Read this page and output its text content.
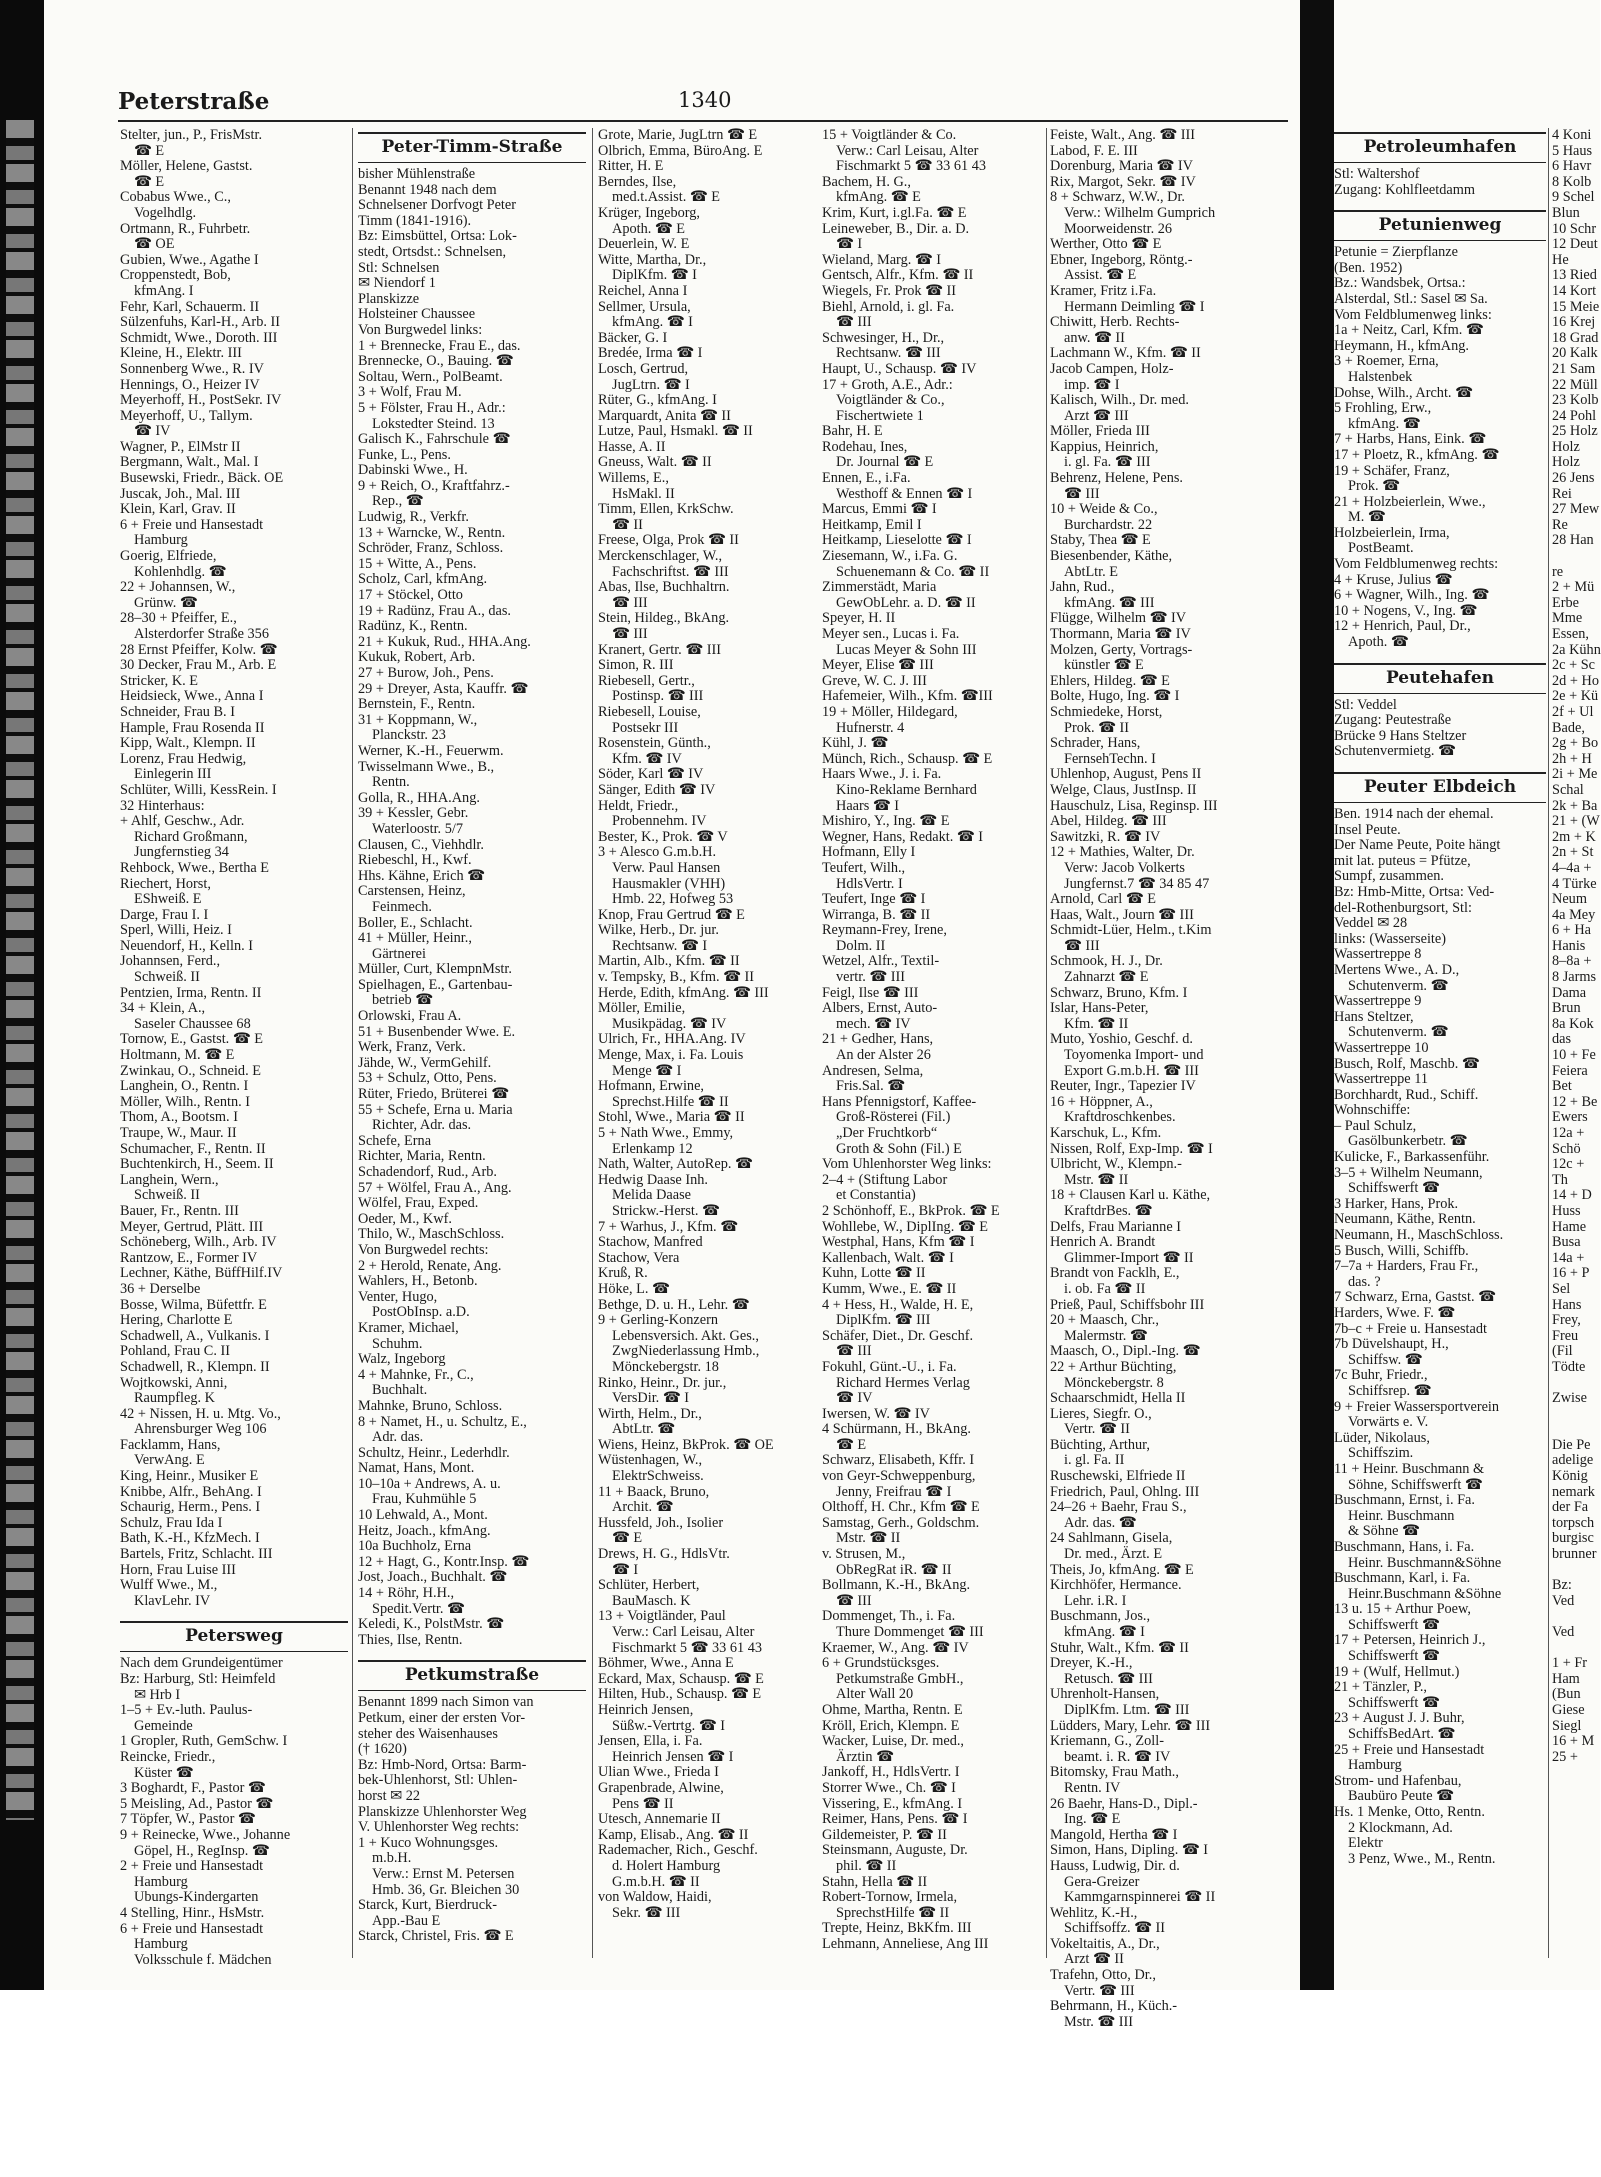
Peterstraße	1340
Stelter, jun., P., FrisMstr.
☎ E
Möller, Helene, Gastst.
☎ E
Cobabus Wwe., C.,
Vogelhdlg.
Ortmann, R., Fuhrbetr.
☎ OE
Gubien, Wwe., Agathe I
Croppenstedt, Bob,
kfmAng. I
Fehr, Karl, Schauerm. II
Sülzenfuhs, Karl-H., Arb. II
Schmidt, Wwe., Doroth. III
Kleine, H., Elektr. III
Sonnenberg Wwe., R. IV
Hennings, O., Heizer IV
Meyerhoff, H., PostSekr. IV
Meyerhoff, U., Tallym.
☎ IV
Wagner, P., ElMstr II
Bergmann, Walt., Mal. I
Busewski, Friedr., Bäck. OE
Juscak, Joh., Mal. III
Klein, Karl, Grav. II
6 + Freie und Hansestadt
Hamburg
Goerig, Elfriede,
Kohlenhdlg. ☎
22 + Johannsen, W.,
Grünw. ☎
28–30 + Pfeiffer, E.,
Alsterdorfer Straße 356
28 Ernst Pfeiffer, Kolw. ☎
30 Decker, Frau M., Arb. E
Stricker, K. E
Heidsieck, Wwe., Anna I
Schneider, Frau B. I
Hample, Frau Rosenda II
Kipp, Walt., Klempn. II
Lorenz, Frau Hedwig,
Einlegerin III
Schlüter, Willi, KessRein. I
32 Hinterhaus:
+ Ahlf, Geschw., Adr.
Richard Großmann,
Jungfernstieg 34
Rehbock, Wwe., Bertha E
Riechert, Horst,
EShweiß. E
Darge, Frau I. I
Sperl, Willi, Heiz. I
Neuendorf, H., Kelln. I
Johannsen, Ferd.,
Schweiß. II
Pentzien, Irma, Rentn. II
34 + Klein, A.,
Saseler Chaussee 68
Tornow, E., Gastst. ☎ E
Holtmann, M. ☎ E
Zwinkau, O., Schneid. E
Langhein, O., Rentn. I
Möller, Wilh., Rentn. I
Thom, A., Bootsm. I
Traupe, W., Maur. II
Schumacher, F., Rentn. II
Buchtenkirch, H., Seem. II
Langhein, Wern.,
Schweiß. II
Bauer, Fr., Rentn. III
Meyer, Gertrud, Plätt. III
Schöneberg, Wilh., Arb. IV
Rantzow, E., Former IV
Lechner, Käthe, BüffHilf.IV
36 + Derselbe
Bosse, Wilma, Büfettfr. E
Hering, Charlotte E
Schadwell, A., Vulkanis. I
Pohland, Frau C. II
Schadwell, R., Klempn. II
Wojtkowski, Anni,
Raumpfleg. K
42 + Nissen, H. u. Mtg. Vo.,
Ahrensburger Weg 106
Facklamm, Hans,
VerwAng. E
King, Heinr., Musiker E
Knibbe, Alfr., BehAng. I
Schaurig, Herm., Pens. I
Schulz, Frau Ida I
Bath, K.-H., KfzMech. I
Bartels, Fritz, Schlacht. III
Horn, Frau Luise III
Wulff Wwe., M.,
KlavLehr. IV
Petersweg
Nach dem Grundeigentümer
Bz: Harburg, Stl: Heimfeld
✉ Hrb I
1–5 + Ev.-luth. Paulus-
Gemeinde
1 Gropler, Ruth, GemSchw. I
Reincke, Friedr.,
Küster ☎
3 Boghardt, F., Pastor ☎
5 Meisling, Ad., Pastor ☎
7 Töpfer, W., Pastor ☎
9 + Reinecke, Wwe., Johanne
Göpel, H., RegInsp. ☎
2 + Freie und Hansestadt
Hamburg
Ubungs-Kindergarten
4 Stelling, Hinr., HsMstr.
6 + Freie und Hansestadt
Hamburg
Volksschule f. Mädchen
Peter-Timm-Straße
bisher Mühlenstraße
Benannt 1948 nach dem
Schnelsener Dorfvogt Peter
Timm (1841-1916).
Bz: Eimsbüttel, Ortsa: Lok-
stedt, Ortsdst.: Schnelsen,
Stl: Schnelsen
✉ Niendorf 1
Planskizze
Holsteiner Chaussee
Von Burgwedel links:
1 + Brennecke, Frau E., das.
Brennecke, O., Bauing. ☎
Soltau, Wern., PolBeamt.
3 + Wolf, Frau M.
5 + Fölster, Frau H., Adr.:
Lokstedter Steind. 13
Galisch K., Fahrschule ☎
Funke, L., Pens.
Dabinski Wwe., H.
9 + Reich, O., Kraftfahrz.-
Rep., ☎
Ludwig, R., Verkfr.
13 + Warncke, W., Rentn.
Schröder, Franz, Schloss.
15 + Witte, A., Pens.
Scholz, Carl, kfmAng.
17 + Stöckel, Otto
19 + Radünz, Frau A., das.
Radünz, K., Rentn.
21 + Kukuk, Rud., HHA.Ang.
Kukuk, Robert, Arb.
27 + Burow, Joh., Pens.
29 + Dreyer, Asta, Kauffr. ☎
Bernstein, F., Rentn.
31 + Koppmann, W.,
Planckstr. 23
Werner, K.-H., Feuerwm.
Twisselmann Wwe., B.,
Rentn.
Golla, R., HHA.Ang.
39 + Kessler, Gebr.
Waterloostr. 5/7
Clausen, C., Viehhdlr.
Riebeschl, H., Kwf.
Hhs. Kähne, Erich ☎
Carstensen, Heinz,
Feinmech.
Boller, E., Schlacht.
41 + Müller, Heinr.,
Gärtnerei
Müller, Curt, KlempnMstr.
Spielhagen, E., Gartenbau-
betrieb ☎
Orlowski, Frau A.
51 + Busenbender Wwe. E.
Werk, Franz, Verk.
Jähde, W., VermGehilf.
53 + Schulz, Otto, Pens.
Rüter, Friedo, Brüterei ☎
55 + Schefe, Erna u. Maria
Richter, Adr. das.
Schefe, Erna
Richter, Maria, Rentn.
Schadendorf, Rud., Arb.
57 + Wölfel, Frau A., Ang.
Wölfel, Frau, Exped.
Oeder, M., Kwf.
Thilo, W., MaschSchloss.
Von Burgwedel rechts:
2 + Herold, Renate, Ang.
Wahlers, H., Betonb.
Venter, Hugo,
PostObInsp. a.D.
Kramer, Michael,
Schuhm.
Walz, Ingeborg
4 + Mahnke, Fr., C.,
Buchhalt.
Mahnke, Bruno, Schloss.
8 + Namet, H., u. Schultz, E.,
Adr. das.
Schultz, Heinr., Lederhdlr.
Namat, Hans, Mont.
10–10a + Andrews, A. u.
Frau, Kuhmühle 5
10 Lehwald, A., Mont.
Heitz, Joach., kfmAng.
10a Buchholz, Erna
12 + Hagt, G., Kontr.Insp. ☎
Jost, Joach., Buchhalt. ☎
14 + Röhr, H.H.,
Spedit.Vertr. ☎
Keledi, K., PolstMstr. ☎
Thies, Ilse, Rentn.
Petkumstraße
Benannt 1899 nach Simon van
Petkum, einer der ersten Vor-
steher des Waisenhauses
(† 1620)
Bz: Hmb-Nord, Ortsa: Barm-
bek-Uhlenhorst, Stl: Uhlen-
horst ✉ 22
Planskizze Uhlenhorster Weg
V. Uhlenhorster Weg rechts:
1 + Kuco Wohnungsges.
m.b.H.
Verw.: Ernst M. Petersen
Hmb. 36, Gr. Bleichen 30
Starck, Kurt, Bierdruck-
App.-Bau E
Starck, Christel, Fris. ☎ E
Grote, Marie, JugLtrn ☎ E
Olbrich, Emma, BüroAng. E
Ritter, H. E
Berndes, Ilse,
med.t.Assist. ☎ E
Krüger, Ingeborg,
Apoth. ☎ E
Deuerlein, W. E
Witte, Martha, Dr.,
DiplKfm. ☎ I
Reichel, Anna I
Sellmer, Ursula,
kfmAng. ☎ I
Bäcker, G. I
Bredée, Irma ☎ I
Losch, Gertrud,
JugLtrn. ☎ I
Rüter, G., kfmAng. I
Marquardt, Anita ☎ II
Lutze, Paul, Hsmakl. ☎ II
Hasse, A. II
Gneuss, Walt. ☎ II
Willems, E.,
HsMakl. II
Timm, Ellen, KrkSchw.
☎ II
Freese, Olga, Prok ☎ II
Merckenschlager, W.,
Fachschriftst. ☎ III
Abas, Ilse, Buchhaltrn.
☎ III
Stein, Hildeg., BkAng.
☎ III
Kranert, Gertr. ☎ III
Simon, R. III
Riebesell, Gertr.,
Postinsp. ☎ III
Riebesell, Louise,
Postsekr III
Rosenstein, Günth.,
Kfm. ☎ IV
Söder, Karl ☎ IV
Sänger, Edith ☎ IV
Heldt, Friedr.,
Probennehm. IV
Bester, K., Prok. ☎ V
3 + Alesco G.m.b.H.
Verw. Paul Hansen
Hausmakler (VHH)
Hmb. 22, Hofweg 53
Knop, Frau Gertrud ☎ E
Wilke, Herb., Dr. jur.
Rechtsanw. ☎ I
Martin, Alb., Kfm. ☎ II
v. Tempsky, B., Kfm. ☎ II
Herde, Edith, kfmAng. ☎ III
Möller, Emilie,
Musikpädag. ☎ IV
Ulrich, Fr., HHA.Ang. IV
Menge, Max, i. Fa. Louis
Menge ☎ I
Hofmann, Erwine,
Sprechst.Hilfe ☎ II
Stohl, Wwe., Maria ☎ II
5 + Nath Wwe., Emmy,
Erlenkamp 12
Nath, Walter, AutoRep. ☎
Hedwig Daase Inh.
Melida Daase
Strickw.-Herst. ☎
7 + Warhus, J., Kfm. ☎
Stachow, Manfred
Stachow, Vera
Kruß, R.
Höke, L. ☎
Bethge, D. u. H., Lehr. ☎
9 + Gerling-Konzern
Lebensversich. Akt. Ges.,
ZwgNiederlassung Hmb.,
Mönckebergstr. 18
Rinko, Heinr., Dr. jur.,
VersDir. ☎ I
Wirth, Helm., Dr.,
AbtLtr. ☎
Wiens, Heinz, BkProk. ☎ OE
Wüstenhagen, W.,
ElektrSchweiss.
11 + Baack, Bruno,
Archit. ☎
Hussfeld, Joh., Isolier
☎ E
Drews, H. G., HdlsVtr.
☎ I
Schlüter, Herbert,
BauMasch. K
13 + Voigtländer, Paul
Verw.: Carl Leisau, Alter
Fischmarkt 5 ☎ 33 61 43
Böhmer, Wwe., Anna E
Eckard, Max, Schausp. ☎ E
Hilten, Hub., Schausp. ☎ E
Heinrich Jensen,
Süßw.-Vertrtg. ☎ I
Jensen, Ella, i. Fa.
Heinrich Jensen ☎ I
Ulian Wwe., Frieda I
Grapenbrade, Alwine,
Pens ☎ II
Utesch, Annemarie II
Kamp, Elisab., Ang. ☎ II
Rademacher, Rich., Geschf.
d. Holert Hamburg
G.m.b.H. ☎ II
von Waldow, Haidi,
Sekr. ☎ III
15 + Voigtländer & Co.
Verw.: Carl Leisau, Alter
Fischmarkt 5 ☎ 33 61 43
Bachem, H. G.,
kfmAng. ☎ E
Krim, Kurt, i.gl.Fa. ☎ E
Leineweber, B., Dir. a. D.
☎ I
Wieland, Marg. ☎ I
Gentsch, Alfr., Kfm. ☎ II
Wiegels, Fr. Prok ☎ II
Biehl, Arnold, i. gl. Fa.
☎ III
Schwesinger, H., Dr.,
Rechtsanw. ☎ III
Haupt, U., Schausp. ☎ IV
17 + Groth, A.E., Adr.:
Voigtländer & Co.,
Fischertwiete 1
Bahr, H. E
Rodehau, Ines,
Dr. Journal ☎ E
Ennen, E., i.Fa.
Westhoff & Ennen ☎ I
Marcus, Emmi ☎ I
Heitkamp, Emil I
Heitkamp, Lieselotte ☎ I
Ziesemann, W., i.Fa. G.
Schuenemann & Co. ☎ II
Zimmerstädt, Maria
GewObLehr. a. D. ☎ II
Speyer, H. II
Meyer sen., Lucas i. Fa.
Lucas Meyer & Sohn III
Meyer, Elise ☎ III
Greve, W. C. J. III
Hafemeier, Wilh., Kfm. ☎III
19 + Möller, Hildegard,
Hufnerstr. 4
Kühl, J. ☎
Münch, Rich., Schausp. ☎ E
Haars Wwe., J. i. Fa.
Kino-Reklame Bernhard
Haars ☎ I
Mishiro, Y., Ing. ☎ E
Wegner, Hans, Redakt. ☎ I
Hofmann, Elly I
Teufert, Wilh.,
HdlsVertr. I
Teufert, Inge ☎ I
Wirranga, B. ☎ II
Reymann-Frey, Irene,
Dolm. II
Wetzel, Alfr., Textil-
vertr. ☎ III
Feigl, Ilse ☎ III
Albers, Ernst, Auto-
mech. ☎ IV
21 + Gedher, Hans,
An der Alster 26
Andresen, Selma,
Fris.Sal. ☎
Hans Pfennigstorf, Kaffee-
Groß-Rösterei (Fil.)
„Der Fruchtkorb“
Groth & Sohn (Fil.) E
Vom Uhlenhorster Weg links:
2–4 + (Stiftung Labor
et Constantia)
2 Schönhoff, E., BkProk. ☎ E
Wohllebe, W., DiplIng. ☎ E
Westphal, Hans, Kfm ☎ I
Kallenbach, Walt. ☎ I
Kuhn, Lotte ☎ II
Kumm, Wwe., E. ☎ II
4 + Hess, H., Walde, H. E,
DiplKfm. ☎ III
Schäfer, Diet., Dr. Geschf.
☎ III
Fokuhl, Günt.-U., i. Fa.
Richard Hermes Verlag
☎ IV
Iwersen, W. ☎ IV
4 Schürmann, H., BkAng.
☎ E
Schwarz, Elisabeth, Kffr. I
von Geyr-Schweppenburg,
Jenny, Freifrau ☎ I
Olthoff, H. Chr., Kfm ☎ E
Samstag, Gerh., Goldschm.
Mstr. ☎ II
v. Strusen, M.,
ObRegRat iR. ☎ II
Bollmann, K.-H., BkAng.
☎ III
Dommenget, Th., i. Fa.
Thure Dommenget ☎ III
Kraemer, W., Ang. ☎ IV
6 + Grundstücksges.
Petkumstraße GmbH.,
Alter Wall 20
Ohme, Martha, Rentn. E
Kröll, Erich, Klempn. E
Wacker, Luise, Dr. med.,
Ärztin ☎
Jankoff, H., HdlsVertr. I
Storrer Wwe., Ch. ☎ I
Vissering, E., kfmAng. I
Reimer, Hans, Pens. ☎ I
Gildemeister, P. ☎ II
Steinsmann, Auguste, Dr.
phil. ☎ II
Stahn, Hella ☎ II
Robert-Tornow, Irmela,
SprechstHilfe ☎ II
Trepte, Heinz, BkKfm. III
Lehmann, Anneliese, Ang III
Feiste, Walt., Ang. ☎ III
Labod, F. E. III
Dorenburg, Maria ☎ IV
Rix, Margot, Sekr. ☎ IV
8 + Schwarz, W.W., Dr.
Verw.: Wilhelm Gumprich
Moorweidenstr. 26
Werther, Otto ☎ E
Ebner, Ingeborg, Röntg.-
Assist. ☎ E
Kramer, Fritz i.Fa.
Hermann Deimling ☎ I
Chiwitt, Herb. Rechts-
anw. ☎ II
Lachmann W., Kfm. ☎ II
Jacob Campen, Holz-
imp. ☎ I
Kalisch, Wilh., Dr. med.
Arzt ☎ III
Möller, Frieda III
Kappius, Heinrich,
i. gl. Fa. ☎ III
Behrenz, Helene, Pens.
☎ III
10 + Weide & Co.,
Burchardstr. 22
Staby, Thea ☎ E
Biesenbender, Käthe,
AbtLtr. E
Jahn, Rud.,
kfmAng. ☎ III
Flügge, Wilhelm ☎ IV
Thormann, Maria ☎ IV
Molzen, Gerty, Vortrags-
künstler ☎ E
Ehlers, Hildeg. ☎ E
Bolte, Hugo, Ing. ☎ I
Schmiedeke, Horst,
Prok. ☎ II
Schrader, Hans,
FernsehTechn. I
Uhlenhop, August, Pens II
Welge, Claus, JustInsp. II
Hauschulz, Lisa, Reginsp. III
Abel, Hildeg. ☎ III
Sawitzki, R. ☎ IV
12 + Mathies, Walter, Dr.
Verw: Jacob Volkerts
Jungfernst.7 ☎ 34 85 47
Arnold, Carl ☎ E
Haas, Walt., Journ ☎ III
Schmidt-Lüer, Helm., t.Kim
☎ III
Schmook, H. J., Dr.
Zahnarzt ☎ E
Schwarz, Bruno, Kfm. I
Islar, Hans-Peter,
Kfm. ☎ II
Muto, Yoshio, Geschf. d.
Toyomenka Import- und
Export G.m.b.H. ☎ III
Reuter, Ingr., Tapezier IV
16 + Höppner, A.,
Kraftdroschkenbes.
Karschuk, L., Kfm.
Nissen, Rolf, Exp-Imp. ☎ I
Ulbricht, W., Klempn.-
Mstr. ☎ II
18 + Clausen Karl u. Käthe,
KraftdrBes. ☎
Delfs, Frau Marianne I
Henrich A. Brandt
Glimmer-Import ☎ II
Brandt von Facklh, E.,
i. ob. Fa ☎ II
Prieß, Paul, Schiffsbohr III
20 + Maasch, Chr.,
Malermstr. ☎
Maasch, O., Dipl.-Ing. ☎
22 + Arthur Büchting,
Mönckebergstr. 8
Schaarschmidt, Hella II
Lieres, Siegfr. O.,
Vertr. ☎ II
Büchting, Arthur,
i. gl. Fa. II
Ruschewski, Elfriede II
Friedrich, Paul, Ohlng. III
24–26 + Baehr, Frau S.,
Adr. das. ☎
24 Sahlmann, Gisela,
Dr. med., Ärzt. E
Theis, Jo, kfmAng. ☎ E
Kirchhöfer, Hermance.
Lehr. i.R. I
Buschmann, Jos.,
kfmAng. ☎ I
Stuhr, Walt., Kfm. ☎ II
Dreyer, K.-H.,
Retusch. ☎ III
Uhrenholt-Hansen,
DiplKfm. Ltm. ☎ III
Lüdders, Mary, Lehr. ☎ III
Kriemann, G., Zoll-
beamt. i. R. ☎ IV
Bitomsky, Frau Math.,
Rentn. IV
26 Baehr, Hans-D., Dipl.-
Ing. ☎ E
Mangold, Hertha ☎ I
Simon, Hans, Dipling. ☎ I
Hauss, Ludwig, Dir. d.
Gera-Greizer
Kammgarnspinnerei ☎ II
Wehlitz, K.-H.,
Schiffsoffz. ☎ II
Vokeltaitis, A., Dr.,
Arzt ☎ II
Trafehn, Otto, Dr.,
Vertr. ☎ III
Behrmann, H., Küch.-
Mstr. ☎ III
Petroleumhafen
Stl: Waltershof
Zugang: Kohlfleetdamm
Petunienweg
Petunie = Zierpflanze
(Ben. 1952)
Bz.: Wandsbek, Ortsa.:
Alsterdal, Stl.: Sasel ✉ Sa.
Vom Feldblumenweg links:
1a + Neitz, Carl, Kfm. ☎
Heymann, H., kfmAng.
3 + Roemer, Erna,
Halstenbek
Dohse, Wilh., Archt. ☎
5 Frohling, Erw.,
kfmAng. ☎
7 + Harbs, Hans, Eink. ☎
17 + Ploetz, R., kfmAng. ☎
19 + Schäfer, Franz,
Prok. ☎
21 + Holzbeierlein, Wwe.,
M. ☎
Holzbeierlein, Irma,
PostBeamt.
Vom Feldblumenweg rechts:
4 + Kruse, Julius ☎
6 + Wagner, Wilh., Ing. ☎
10 + Nogens, V., Ing. ☎
12 + Henrich, Paul, Dr.,
Apoth. ☎
Peutehafen
Stl: Veddel
Zugang: Peutestraße
Brücke 9 Hans Steltzer
Schutenvermietg. ☎
Peuter Elbdeich
Ben. 1914 nach der ehemal.
Insel Peute.
Der Name Peute, Poite hängt
mit lat. puteus = Pfütze,
Sumpf, zusammen.
Bz: Hmb-Mitte, Ortsa: Ved-
del-Rothenburgsort, Stl:
Veddel ✉ 28
links: (Wasserseite)
Wassertreppe 8
Mertens Wwe., A. D.,
Schutenverm. ☎
Wassertreppe 9
Hans Steltzer,
Schutenverm. ☎
Wassertreppe 10
Busch, Rolf, Maschb. ☎
Wassertreppe 11
Borchhardt, Rud., Schiff.
Wohnschiffe:
– Paul Schulz,
Gasölbunkerbetr. ☎
Kulicke, F., Barkassenführ.
3–5 + Wilhelm Neumann,
Schiffswerft ☎
3 Harker, Hans, Prok.
Neumann, Käthe, Rentn.
Neumann, H., MaschSchloss.
5 Busch, Willi, Schiffb.
7–7a + Harders, Frau Fr.,
das. ?
7 Schwarz, Erna, Gastst. ☎
Harders, Wwe. F. ☎
7b–c + Freie u. Hansestadt
7b Düvelshaupt, H.,
Schiffsw. ☎
7c Buhr, Friedr.,
Schiffsrep. ☎
9 + Freier Wassersportverein
Vorwärts e. V.
Lüder, Nikolaus,
Schiffszim.
11 + Heinr. Buschmann &
Söhne, Schiffswerft ☎
Buschmann, Ernst, i. Fa.
Heinr. Buschmann
& Söhne ☎
Buschmann, Hans, i. Fa.
Heinr. Buschmann&Söhne
Buschmann, Karl, i. Fa.
Heinr.Buschmann &Söhne
13 u. 15 + Arthur Poew,
Schiffswerft ☎
17 + Petersen, Heinrich J.,
Schiffswerft ☎
19 + (Wulf, Hellmut.)
21 + Tänzler, P.,
Schiffswerft ☎
23 + August J. J. Buhr,
SchiffsBedArt. ☎
25 + Freie und Hansestadt
Hamburg
Strom- und Hafenbau,
Baubüro Peute ☎
Hs. 1 Menke, Otto, Rentn.
2 Klockmann, Ad.
Elektr
3 Penz, Wwe., M., Rentn.
4 Koni
5 Haus
6 Havr
8 Kolb
9 Schel
Blun
10 Schr
12 Deut
He
13 Ried
14 Kort
15 Meie
16 Krej
18 Grad
20 Kalk
21 Sam
22 Müll
23 Kolb
24 Pohl
25 Holz
Holz
Holz
26 Jens
Rei
27 Mew
Re
28 Han
re
2 + Mü
Erbe
Mme
Essen,
2a Kühn
2c + Sc
2d + Ho
2e + Kü
2f + Ul
Bade,
2g + Bo
2h + H
2i + Me
Schal
2k + Ba
21 + (W
2m + K
2n + St
4–4a +
4 Türke
Neum
4a Mey
6 + Ha
Hanis
8–8a +
8 Jarms
Dama
Brun
8a Kok
das
10 + Fe
Feiera
Bet
12 + Be
Ewers
12a +
Schö
12c +
Th
14 + D
Huss
Hame
Busa
14a +
16 + P
Sel
Hans
Frey,
Freu
(Fil
Tödte
Zwise
Die Pe
adelige
König
nemark
der Fa
torpsch
burgisc
brunner
Bz:
Ved
Ved
1 + Fr
Ham
(Bun
Giese
Siegl
16 + M
25 +
